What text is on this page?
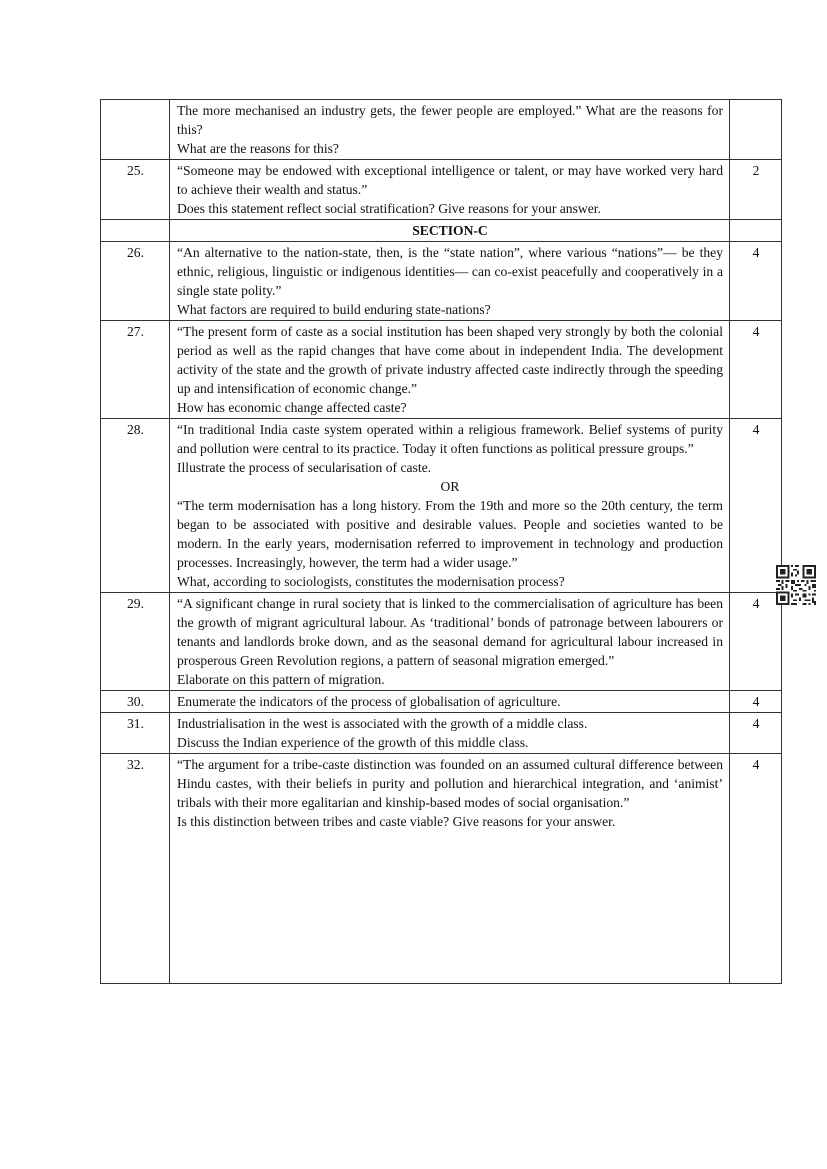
	The more mechanised an industry gets, the fewer people are employed.” What are the reasons for this?

What are the reasons for this?	

25.	“Someone may be endowed with exceptional intelligence or talent, or may have worked very hard to achieve their wealth and status.”

Does this statement reflect social stratification? Give reasons for your answer.	2
	SECTION-C	
26.	“An alternative to the nation-state, then, is the “state nation”, where various “nations”— be they ethnic, religious, linguistic or indigenous identities— can co-exist peacefully and cooperatively in a single state polity.”

What factors are required to build enduring state-nations?	4
27.	“The present form of caste as a social institution has been shaped very strongly by both the colonial period as well as the rapid changes that have come about in independent India. The development activity of the state and the growth of private industry affected caste indirectly through the speeding up and intensification of economic change.”

How has economic change affected caste?	4
28.	“In traditional India caste system operated within a religious framework. Belief systems of purity and pollution were central to its practice. Today it often functions as political pressure groups.”

Illustrate the process of secularisation of caste.

OR

“The term modernisation has a long history. From the 19th and more so the 20th century, the term began to be associated with positive and desirable values. People and societies wanted to be modern. In the early years, modernisation referred to improvement in technology and production processes. Increasingly, however, the term had a wider usage.”

What, according to sociologists, constitutes the modernisation process?	4
29.	“A significant change in rural society that is linked to the commercialisation of agriculture has been the growth of migrant agricultural labour. As ‘traditional’ bonds of patronage between labourers or tenants and landlords broke down, and as the seasonal demand for agricultural labour increased in prosperous Green Revolution regions, a pattern of seasonal migration emerged.”

Elaborate on this pattern of migration.	4
30.	Enumerate the indicators of the process of globalisation of agriculture.	4
31.	Industrialisation in the west is associated with the growth of a middle class.

Discuss the Indian experience of the growth of this middle class.	4
32.	“The argument for a tribe-caste distinction was founded on an assumed cultural difference between Hindu castes, with their beliefs in purity and pollution and hierarchical integration, and ‘animist’ tribals with their more egalitarian and kinship-based modes of social organisation.”

Is this distinction between tribes and caste viable? Give reasons for your answer.	4
